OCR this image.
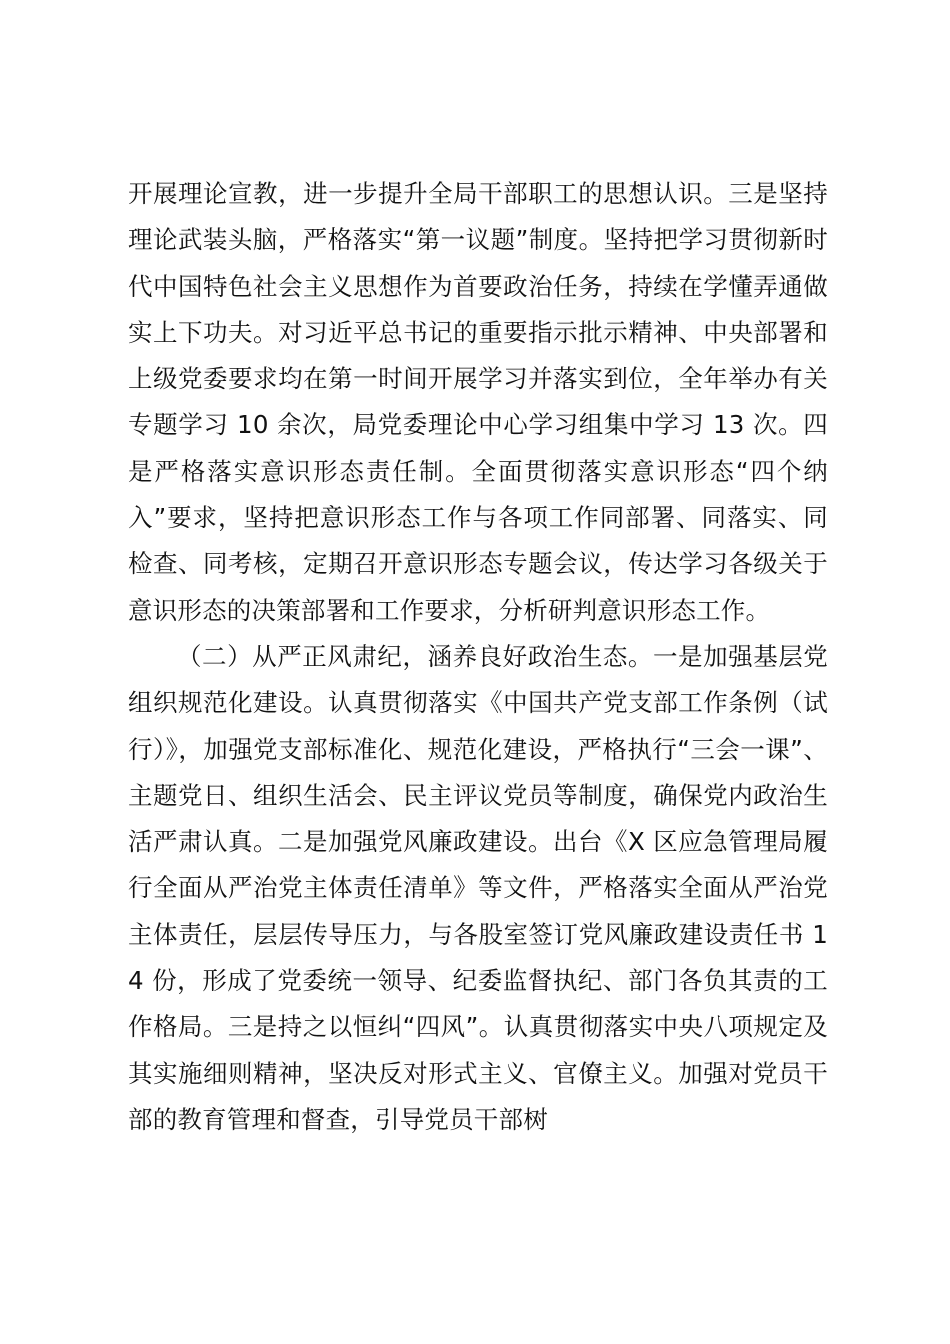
开展理论宣教，进一步提升全局干部职工的思想认识。三是坚持理论武装头脑，严格落实“第一议题”制度。坚持把学习贯彻新时代中国特色社会主义思想作为首要政治任务，持续在学懂弄通做实上下功夫。对习近平总书记的重要指示批示精神、中央部署和上级党委要求均在第一时间开展学习并落实到位，全年举办有关专题学习 10 余次，局党委理论中心学习组集中学习 13 次。四是严格落实意识形态责任制。全面贯彻落实意识形态“四个纳入”要求，坚持把意识形态工作与各项工作同部署、同落实、同检查、同考核，定期召开意识形态专题会议，传达学习各级关于意识形态的决策部署和工作要求，分析研判意识形态工作。

（二）从严正风肃纪，涵养良好政治生态。一是加强基层党组织规范化建设。认真贯彻落实《中国共产党支部工作条例（试行）》，加强党支部标准化、规范化建设，严格执行“三会一课”、主题党日、组织生活会、民主评议党员等制度，确保党内政治生活严肃认真。二是加强党风廉政建设。出台《X 区应急管理局履行全面从严治党主体责任清单》等文件，严格落实全面从严治党主体责任，层层传导压力，与各股室签订党风廉政建设责任书 14 份，形成了党委统一领导、纪委监督执纪、部门各负其责的工作格局。三是持之以恒纠“四风”。认真贯彻落实中央八项规定及其实施细则精神，坚决反对形式主义、官僚主义。加强对党员干部的教育管理和督查，引导党员干部树
